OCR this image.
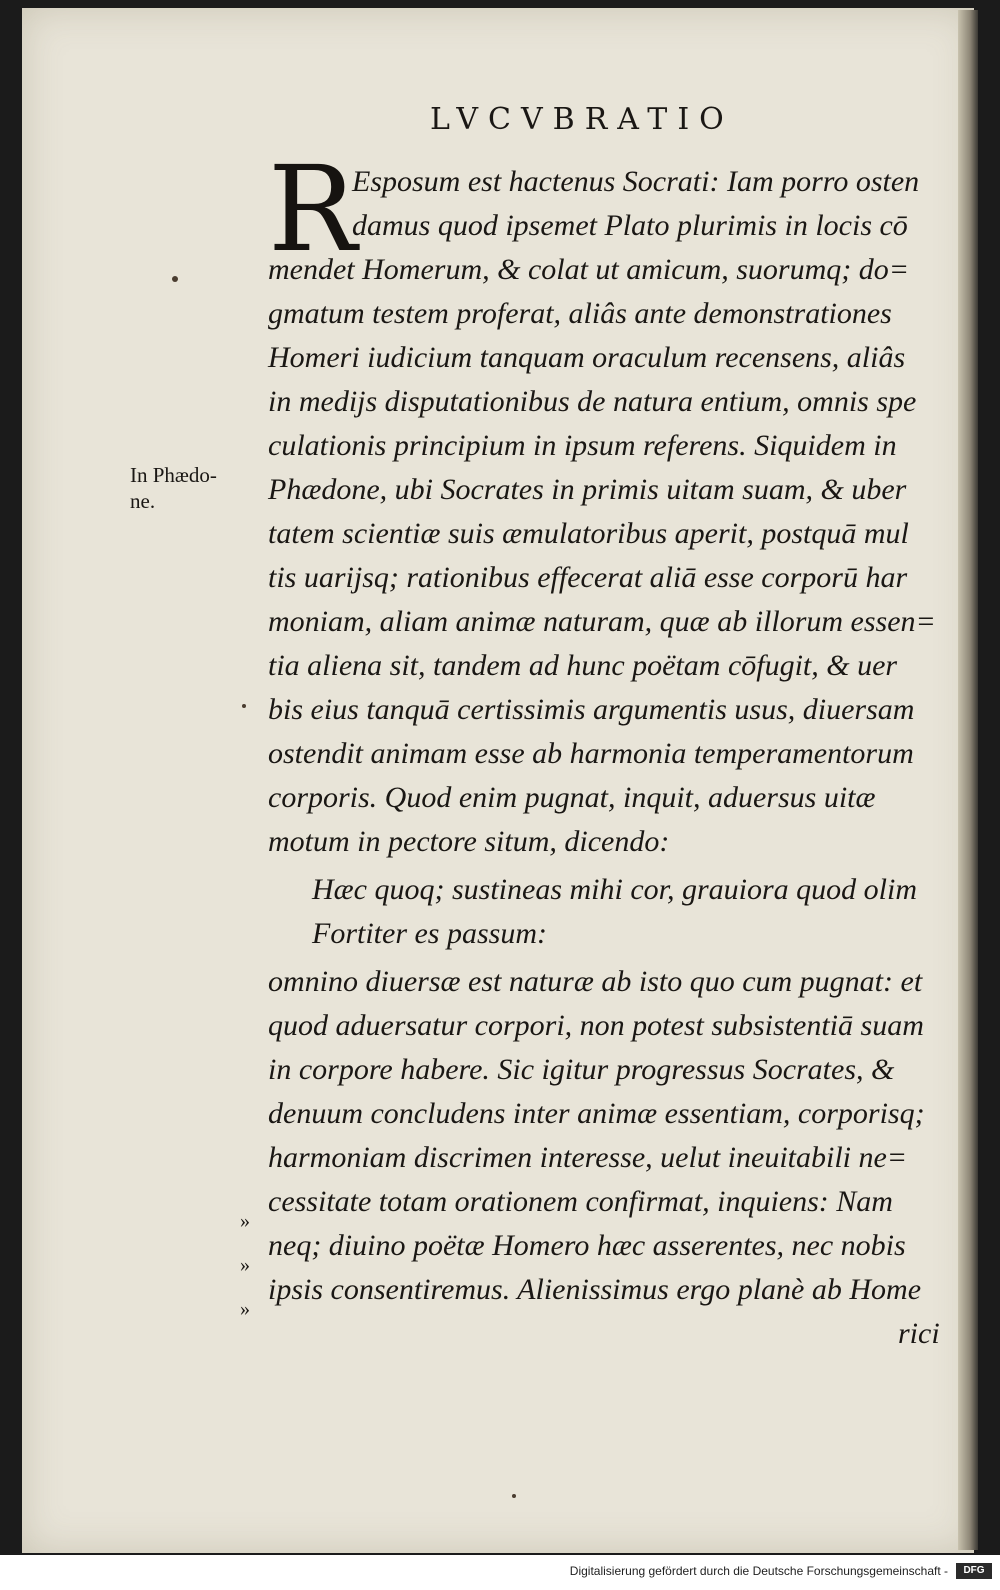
LVCVBRATIO
R
In Phædo-
ne.
»
»
»
Esposum est hactenus Socrati: Iam porro osten
damus quod ipsemet Plato plurimis in locis cō
mendet Homerum, & colat ut amicum, suorumq; do=
gmatum testem proferat, aliâs ante demonstrationes
Homeri iudicium tanquam oraculum recensens, aliâs
in medijs disputationibus de natura entium, omnis spe
culationis principium in ipsum referens. Siquidem in
Phædone, ubi Socrates in primis uitam suam, & uber
tatem scientiæ suis æmulatoribus aperit, postquā mul
tis uarijsq; rationibus effecerat aliā esse corporū har
moniam, aliam animæ naturam, quæ ab illorum essen=
tia aliena sit, tandem ad hunc poëtam cōfugit, & uer
bis eius tanquā certissimis argumentis usus, diuersam
ostendit animam esse ab harmonia temperamentorum
corporis. Quod enim pugnat, inquit, aduersus uitæ
motum in pectore situm, dicendo:
Hæc quoq; sustineas mihi cor, grauiora quod olim
Fortiter es passum:
omnino diuersæ est naturæ ab isto quo cum pugnat: et
quod aduersatur corpori, non potest subsistentiā suam
in corpore habere. Sic igitur progressus Socrates, &
denuum concludens inter animæ essentiam, corporisq;
harmoniam discrimen interesse, uelut ineuitabili ne=
cessitate totam orationem confirmat, inquiens: Nam
neq; diuino poëtæ Homero hæc asserentes, nec nobis
ipsis consentiremus. Alienissimus ergo planè ab Home
rici
Digitalisierung gefördert durch die Deutsche Forschungsgemeinschaft -	DFG
